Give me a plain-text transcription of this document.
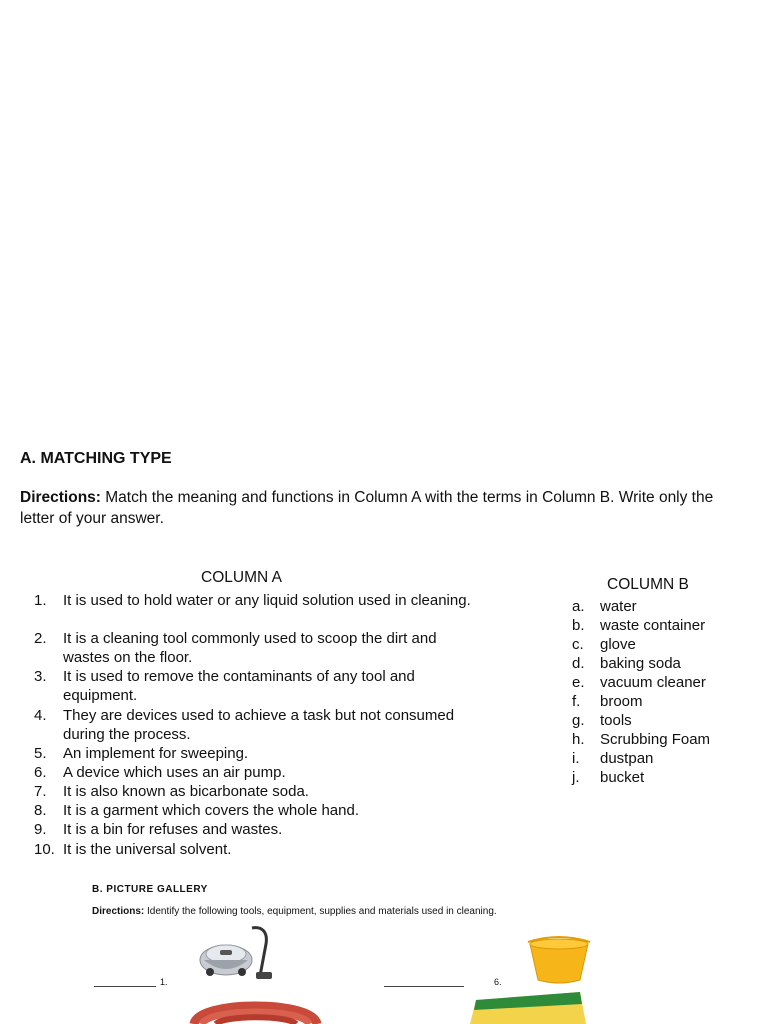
A. MATCHING TYPE
Directions: Match the meaning and functions in Column A with the terms in Column B. Write only the letter of your answer.
COLUMN A	COLUMN B
1. It is used to hold water or any liquid solution used in cleaning.
2. It is a cleaning tool commonly used to scoop the dirt and wastes on the floor.
3. It is used to remove the contaminants of any tool and equipment.
4. They are devices used to achieve a task but not consumed during the process.
5. An implement for sweeping.
6. A device which uses an air pump.
7. It is also known as bicarbonate soda.
8. It is a garment which covers the whole hand.
9. It is a bin for refuses and wastes.
10. It is the universal solvent.
a. water
b. waste container
c. glove
d. baking soda
e. vacuum cleaner
f. broom
g. tools
h. Scrubbing Foam
i. dustpan
j. bucket
B. PICTURE GALLERY
Directions: Identify the following tools, equipment, supplies and materials used in cleaning.
1.	6.
